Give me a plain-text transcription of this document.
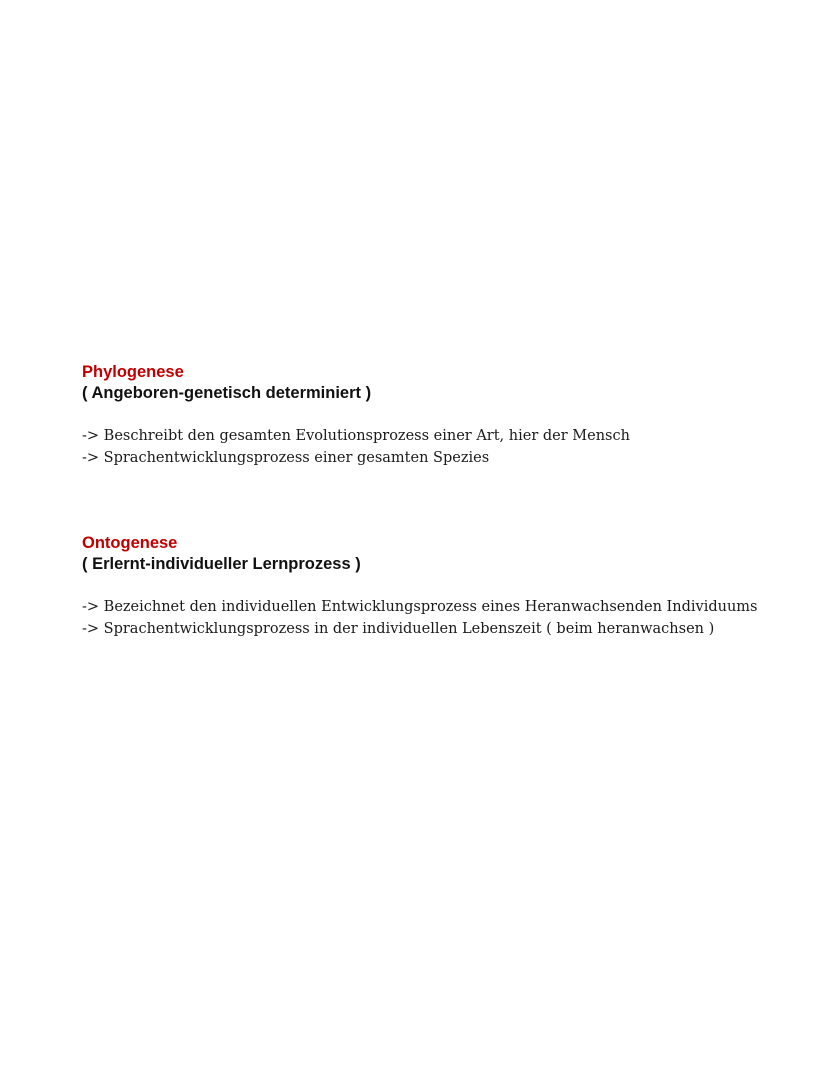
Phylogenese

( Angeboren-genetisch determiniert )

-> Beschreibt den gesamten Evolutionsprozess einer Art, hier der Mensch

-> Sprachentwicklungsprozess einer gesamten Spezies

Ontogenese

( Erlernt-individueller Lernprozess )

-> Bezeichnet den individuellen Entwicklungsprozess eines Heranwachsenden Individuums

-> Sprachentwicklungsprozess in der individuellen Lebenszeit ( beim heranwachsen )
